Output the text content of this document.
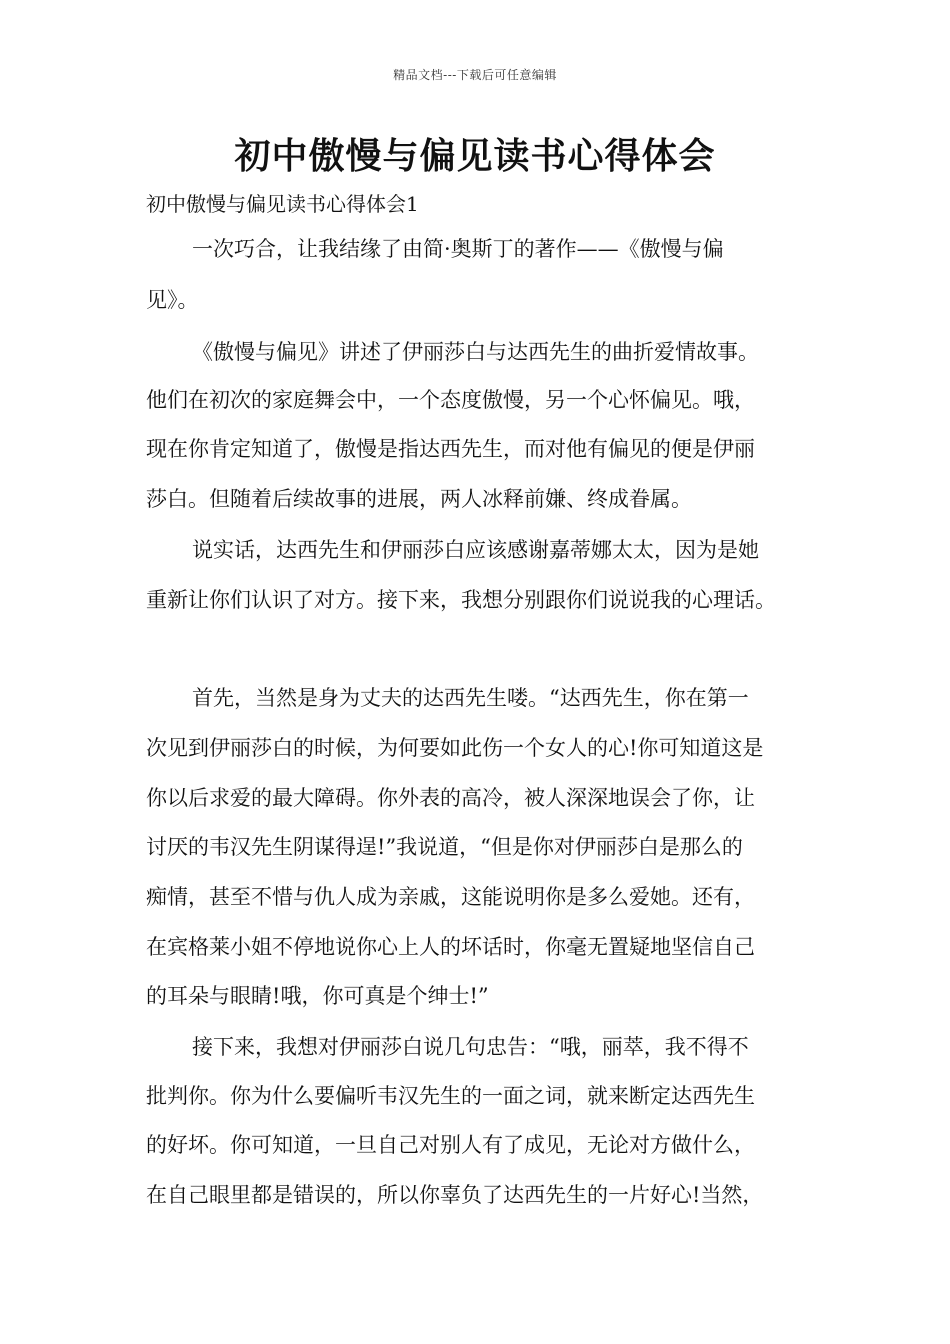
精品文档---下载后可任意编辑
初中傲慢与偏见读书心得体会
初中傲慢与偏见读书心得体会1
一次巧合，让我结缘了由简·奥斯丁的著作——《傲慢与偏
见》。
《傲慢与偏见》讲述了伊丽莎白与达西先生的曲折爱情故事。
他们在初次的家庭舞会中，一个态度傲慢，另一个心怀偏见。哦，
现在你肯定知道了，傲慢是指达西先生，而对他有偏见的便是伊丽
莎白。但随着后续故事的进展，两人冰释前嫌、终成眷属。
说实话，达西先生和伊丽莎白应该感谢嘉蒂娜太太，因为是她
重新让你们认识了对方。接下来，我想分别跟你们说说我的心理话。
首先，当然是身为丈夫的达西先生喽。“达西先生，你在第一
次见到伊丽莎白的时候，为何要如此伤一个女人的心!你可知道这是
你以后求爱的最大障碍。你外表的高冷，被人深深地误会了你，让
讨厌的韦汉先生阴谋得逞!”我说道，“但是你对伊丽莎白是那么的
痴情，甚至不惜与仇人成为亲戚，这能说明你是多么爱她。还有，
在宾格莱小姐不停地说你心上人的坏话时，你毫无置疑地坚信自己
的耳朵与眼睛!哦，你可真是个绅士!”
接下来，我想对伊丽莎白说几句忠告：“哦，丽萃，我不得不
批判你。你为什么要偏听韦汉先生的一面之词，就来断定达西先生
的好坏。你可知道，一旦自己对别人有了成见，无论对方做什么，
在自己眼里都是错误的，所以你辜负了达西先生的一片好心!当然，
